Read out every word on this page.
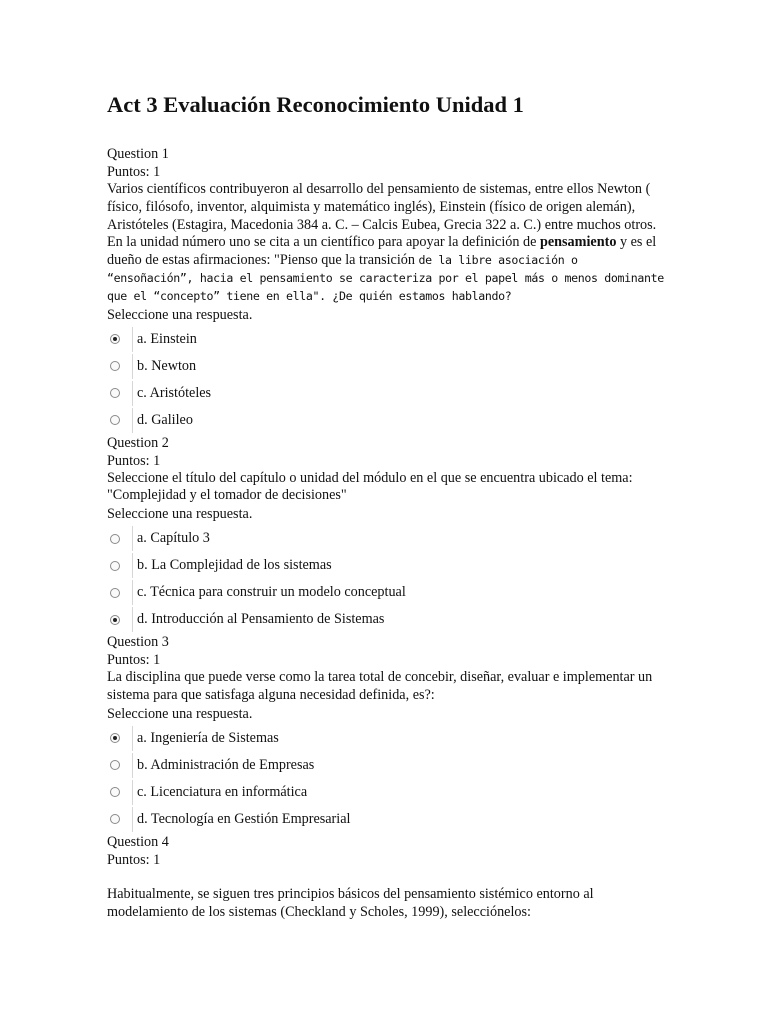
Act 3 Evaluación Reconocimiento Unidad 1

Question 1

Puntos: 1

Varios científicos contribuyeron al desarrollo del pensamiento de sistemas, entre ellos Newton ( físico, filósofo, inventor, alquimista y matemático inglés), Einstein (físico de origen alemán), Aristóteles (Estagira, Macedonia 384 a. C. – Calcis Eubea, Grecia 322 a. C.) entre muchos otros. En la unidad número uno se cita a un científico para apoyar la definición de pensamiento y es el dueño de estas afirmaciones: "Pienso que la transición de la libre asociación o “ensoñación”, hacia el pensamiento se caracteriza por el papel más o menos dominante que el “concepto” tiene en ella". ¿De quién estamos hablando?

Seleccione una respuesta.

a. Einstein
b. Newton
c. Aristóteles
d. Galileo

Question 2

Puntos: 1

Seleccione el título del capítulo o unidad del módulo en el que se encuentra ubicado el tema: "Complejidad y el tomador de decisiones"

Seleccione una respuesta.

a. Capítulo 3
b. La Complejidad de los sistemas
c. Técnica para construir un modelo conceptual
d. Introducción al Pensamiento de Sistemas

Question 3

Puntos: 1

La disciplina que puede verse como la tarea total de concebir, diseñar, evaluar e implementar un sistema para que satisfaga alguna necesidad definida, es?:

Seleccione una respuesta.

a. Ingeniería de Sistemas
b. Administración de Empresas
c. Licenciatura en informática
d. Tecnología en Gestión Empresarial

Question 4

Puntos: 1

Habitualmente, se siguen tres principios básicos del pensamiento sistémico entorno al modelamiento de los sistemas (Checkland y Scholes, 1999), selecciónelos:
